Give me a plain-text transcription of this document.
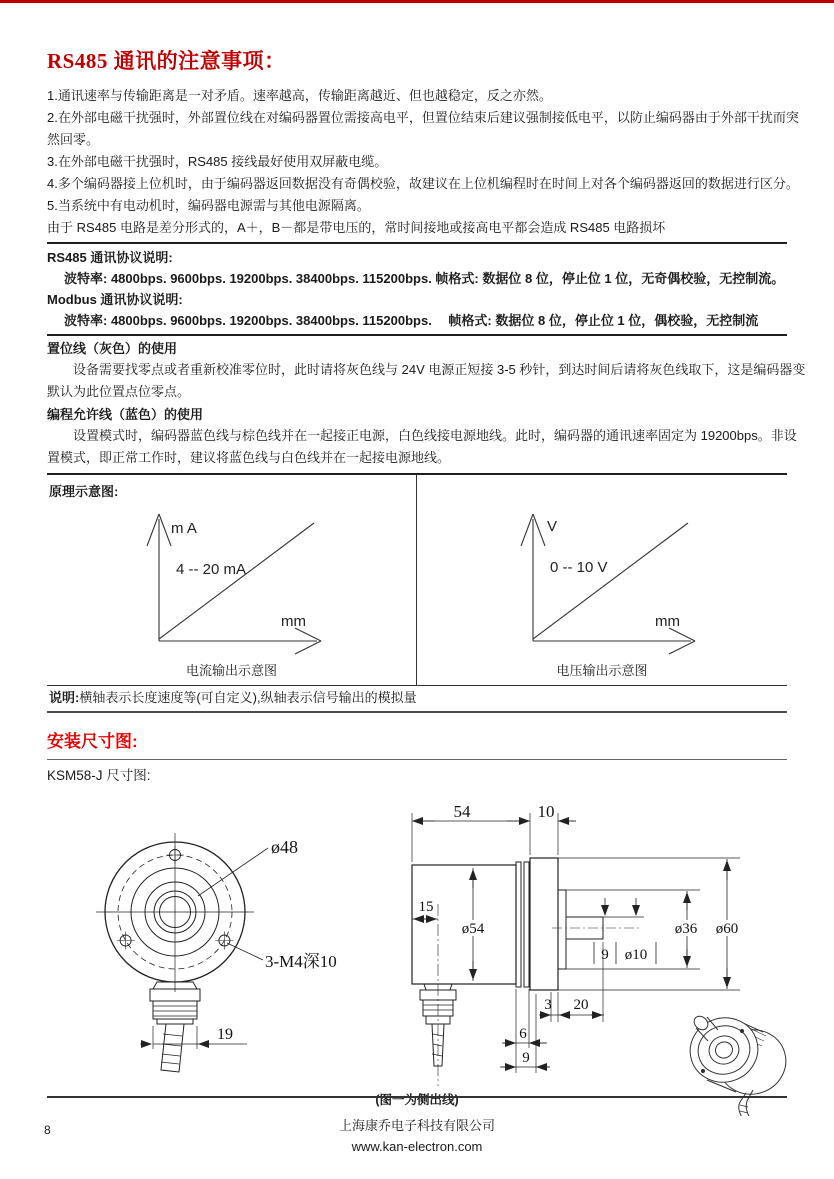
RS485 通讯的注意事项：
1.通讯速率与传输距离是一对矛盾。速率越高，传输距离越近、但也越稳定，反之亦然。
2.在外部电磁干扰强时，外部置位线在对编码器置位需接高电平，但置位结束后建议强制接低电平，以防止编码器由于外部干扰而突
然回零。
3.在外部电磁干扰强时，RS485 接线最好使用双屏蔽电缆。
4.多个编码器接上位机时，由于编码器返回数据没有奇偶校验，故建议在上位机编程时在时间上对各个编码器返回的数据进行区分。
5.当系统中有电动机时，编码器电源需与其他电源隔离。
由于 RS485 电路是差分形式的，A＋，B－都是带电压的，常时间接地或接高电平都会造成 RS485 电路损坏

RS485 通讯协议说明:

波特率: 4800bps. 9600bps. 19200bps. 38400bps. 115200bps. 帧格式: 数据位 8 位，停止位 1 位，无奇偶校验，无控制流。

Modbus 通讯协议说明:

波特率: 4800bps. 9600bps. 19200bps. 38400bps. 115200bps.　 帧格式: 数据位 8 位，停止位 1 位，偶校验，无控制流

置位线（灰色）的使用

设备需要找零点或者重新校准零位时，此时请将灰色线与 24V 电源正短接 3-5 秒针，到达时间后请将灰色线取下，这是编码器变

默认为此位置点位零点。

编程允许线（蓝色）的使用

设置模式时，编码器蓝色线与棕色线并在一起接正电源，白色线接电源地线。此时，编码器的通讯速率固定为 19200bps。非设

置模式，即正常工作时，建议将蓝色线与白色线并在一起接电源地线。

原理示意图:
m A
4 -- 20 mA
mm
电流输出示意图
V
0 -- 10 V
mm
电压输出示意图
说明:横轴表示长度速度等(可自定义),纵轴表示信号输出的模拟量
安装尺寸图:

KSM58-J 尺寸图:

ø48
3-M4深10
19
54	10
15
ø54	ø36 ø60
9 ø10
3 20
6
9
(图一为侧出线)
8	上海康乔电子科技有限公司
www.kan-electron.com
